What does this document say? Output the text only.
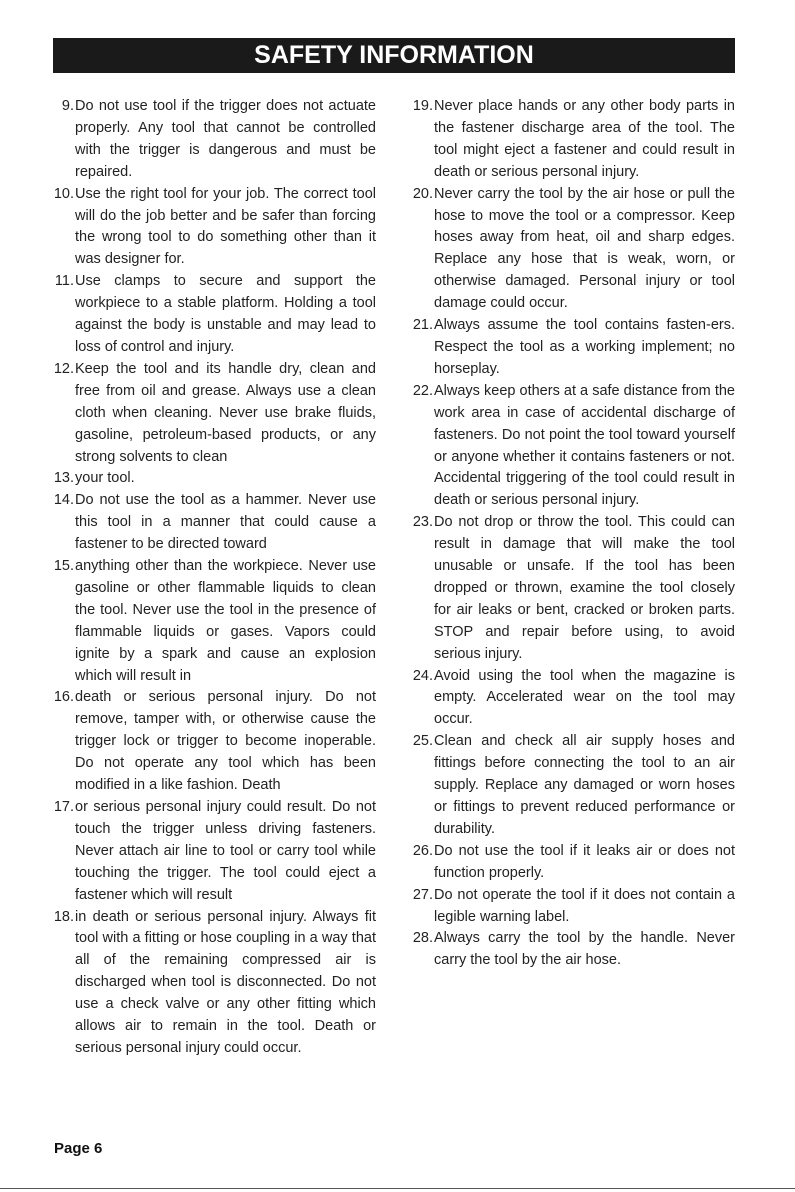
SAFETY INFORMATION
9. Do not use tool if the trigger does not actuate properly. Any tool that cannot be controlled with the trigger is dangerous and must be repaired.
10. Use the right tool for your job. The correct tool will do the job better and be safer than forcing the wrong tool to do something other than it was designer for.
11. Use clamps to secure and support the workpiece to a stable platform. Holding a tool against the body is unstable and may lead to loss of control and injury.
12. Keep the tool and its handle dry, clean and free from oil and grease. Always use a clean cloth when cleaning. Never use brake fluids, gasoline, petroleum-based products, or any strong solvents to clean
13. your tool.
14. Do not use the tool as a hammer. Never use this tool in a manner that could cause a fastener to be directed toward
15. anything other than the workpiece. Never use gasoline or other flammable liquids to clean the tool. Never use the tool in the presence of flammable liquids or gases. Vapors could ignite by a spark and cause an explosion which will result in
16. death or serious personal injury. Do not remove, tamper with, or otherwise cause the trigger lock or trigger to become inoperable. Do not operate any tool which has been modified in a like fashion. Death
17. or serious personal injury could result. Do not touch the trigger unless driving fasteners. Never attach air line to tool or carry tool while touching the trigger. The tool could eject a fastener which will result
18. in death or serious personal injury. Always fit tool with a fitting or hose coupling in a way that all of the remaining compressed air is discharged when tool is disconnected. Do not use a check valve or any other fitting which allows air to remain in the tool. Death or serious personal injury could occur.
19. Never place hands or any other body parts in the fastener discharge area of the tool. The tool might eject a fastener and could result in death or serious personal injury.
20. Never carry the tool by the air hose or pull the hose to move the tool or a compressor. Keep hoses away from heat, oil and sharp edges. Replace any hose that is weak, worn, or otherwise damaged. Personal injury or tool damage could occur.
21. Always assume the tool contains fasten-ers. Respect the tool as a working implement; no horseplay.
22. Always keep others at a safe distance from the work area in case of accidental discharge of fasteners. Do not point the tool toward yourself or anyone whether it contains fasteners or not. Accidental triggering of the tool could result in death or serious personal injury.
23. Do not drop or throw the tool. This could can result in damage that will make the tool unusable or unsafe. If the tool has been dropped or thrown, examine the tool closely for air leaks or bent, cracked or broken parts. STOP and repair before using, to avoid serious injury.
24. Avoid using the tool when the magazine is empty. Accelerated wear on the tool may occur.
25. Clean and check all air supply hoses and fittings before connecting the tool to an air supply. Replace any damaged or worn hoses or fittings to prevent reduced performance or durability.
26. Do not use the tool if it leaks air or does not function properly.
27. Do not operate the tool if it does not contain a legible warning label.
28. Always carry the tool by the handle. Never carry the tool by the air hose.
Page 6
